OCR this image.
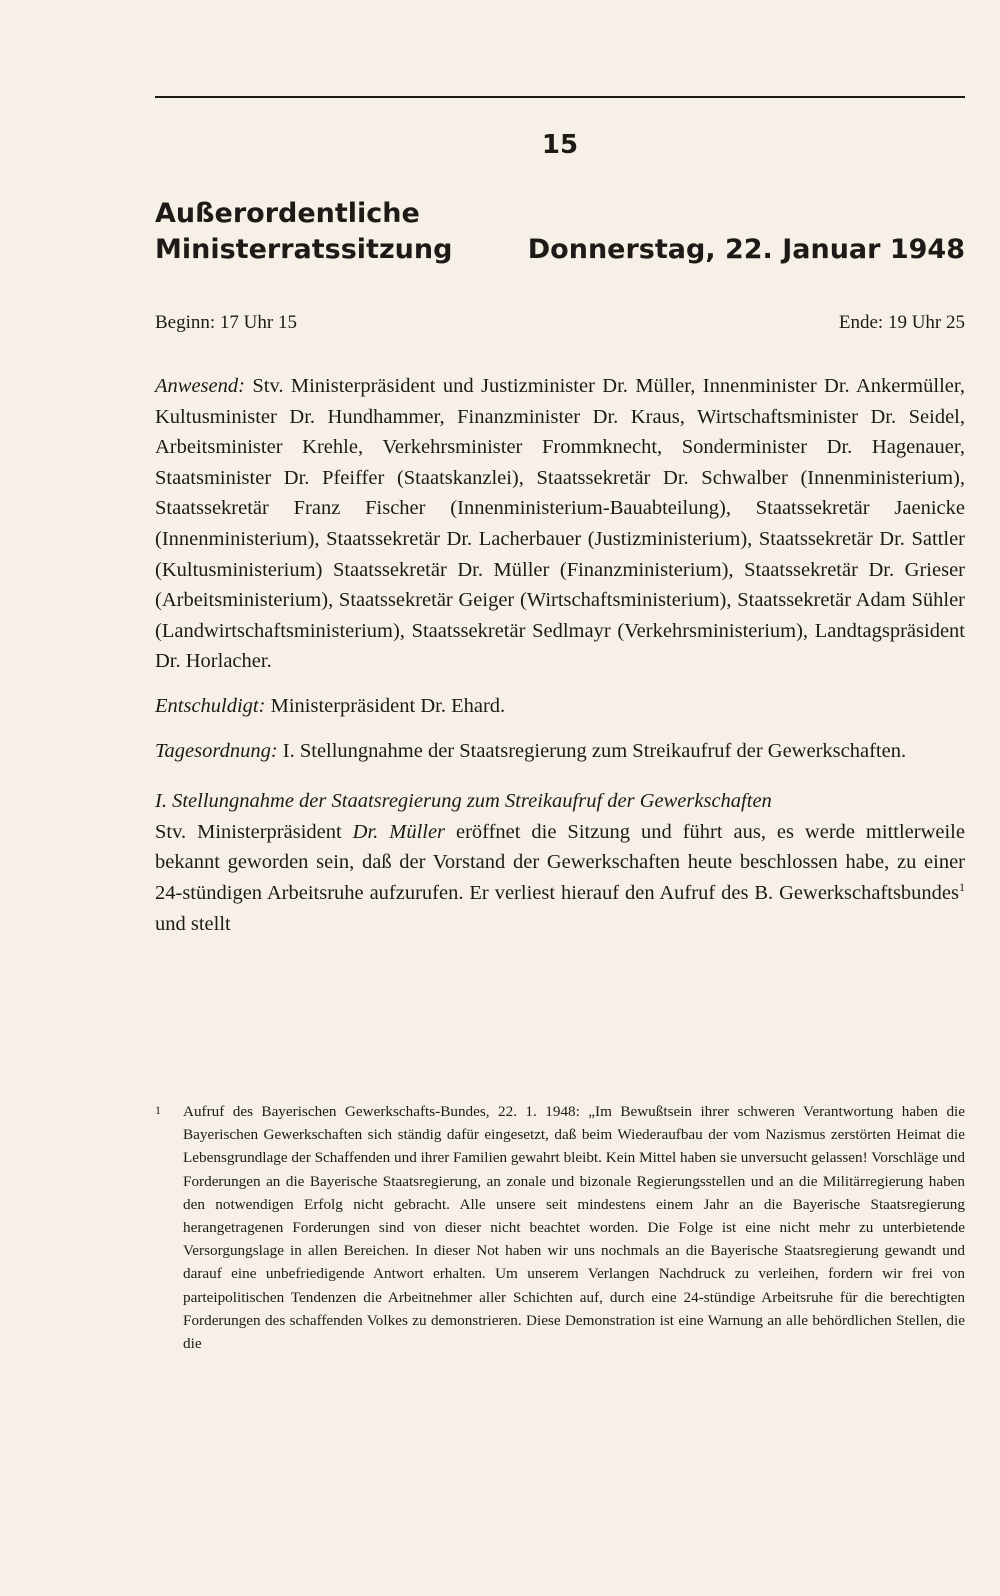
15
Außerordentliche
Ministerratssitzung	Donnerstag, 22. Januar 1948
Beginn: 17 Uhr 15	Ende: 19 Uhr 25

Anwesend: Stv. Ministerpräsident und Justizminister Dr. Müller, Innenminister Dr. Ankermüller, Kultusminister Dr. Hundhammer, Finanzminister Dr. Kraus, Wirtschaftsminister Dr. Seidel, Arbeitsminister Krehle, Verkehrsminister Frommknecht, Sonderminister Dr. Hagenauer, Staatsminister Dr. Pfeiffer (Staatskanzlei), Staatssekretär Dr. Schwalber (Innenministerium), Staatssekretär Franz Fischer (Innenministerium-Bauabteilung), Staatssekretär Jaenicke (Innenministerium), Staatssekretär Dr. Lacherbauer (Justizministerium), Staatssekretär Dr. Sattler (Kultusministerium) Staatssekretär Dr. Müller (Finanzministerium), Staatssekretär Dr. Grieser (Arbeitsministerium), Staatssekretär Geiger (Wirtschaftsministerium), Staatssekretär Adam Sühler (Landwirtschaftsministerium), Staatssekretär Sedlmayr (Verkehrsministerium), Landtagspräsident Dr. Horlacher.

Entschuldigt: Ministerpräsident Dr. Ehard.

Tagesordnung: I. Stellungnahme der Staatsregierung zum Streikaufruf der Gewerkschaften.

I. Stellungnahme der Staatsregierung zum Streikaufruf der Gewerkschaften

Stv. Ministerpräsident Dr. Müller eröffnet die Sitzung und führt aus, es werde mittlerweile bekannt geworden sein, daß der Vorstand der Gewerkschaften heute beschlossen habe, zu einer 24-stündigen Arbeitsruhe aufzurufen. Er verliest hierauf den Aufruf des B. Gewerkschaftsbundes$^1$ und stellt

1	Aufruf des Bayerischen Gewerkschafts-Bundes, 22. 1. 1948: „Im Bewußtsein ihrer schweren Verantwortung haben die Bayerischen Gewerkschaften sich ständig dafür eingesetzt, daß beim Wiederaufbau der vom Nazismus zerstörten Heimat die Lebensgrundlage der Schaffenden und ihrer Familien gewahrt bleibt. Kein Mittel haben sie unversucht gelassen! Vorschläge und Forderungen an die Bayerische Staatsregierung, an zonale und bizonale Regierungsstellen und an die Militärregierung haben den notwendigen Erfolg nicht gebracht. Alle unsere seit mindestens einem Jahr an die Bayerische Staatsregierung herangetragenen Forderungen sind von dieser nicht beachtet worden. Die Folge ist eine nicht mehr zu unterbietende Versorgungslage in allen Bereichen. In dieser Not haben wir uns nochmals an die Bayerische Staatsregierung gewandt und darauf eine unbefriedigende Antwort erhalten. Um unserem Verlangen Nachdruck zu verleihen, fordern wir frei von parteipolitischen Tendenzen die Arbeitnehmer aller Schichten auf, durch eine 24-stündige Arbeitsruhe für die berechtigten Forderungen des schaffenden Volkes zu demonstrieren. Diese Demonstration ist eine Warnung an alle behördlichen Stellen, die die
